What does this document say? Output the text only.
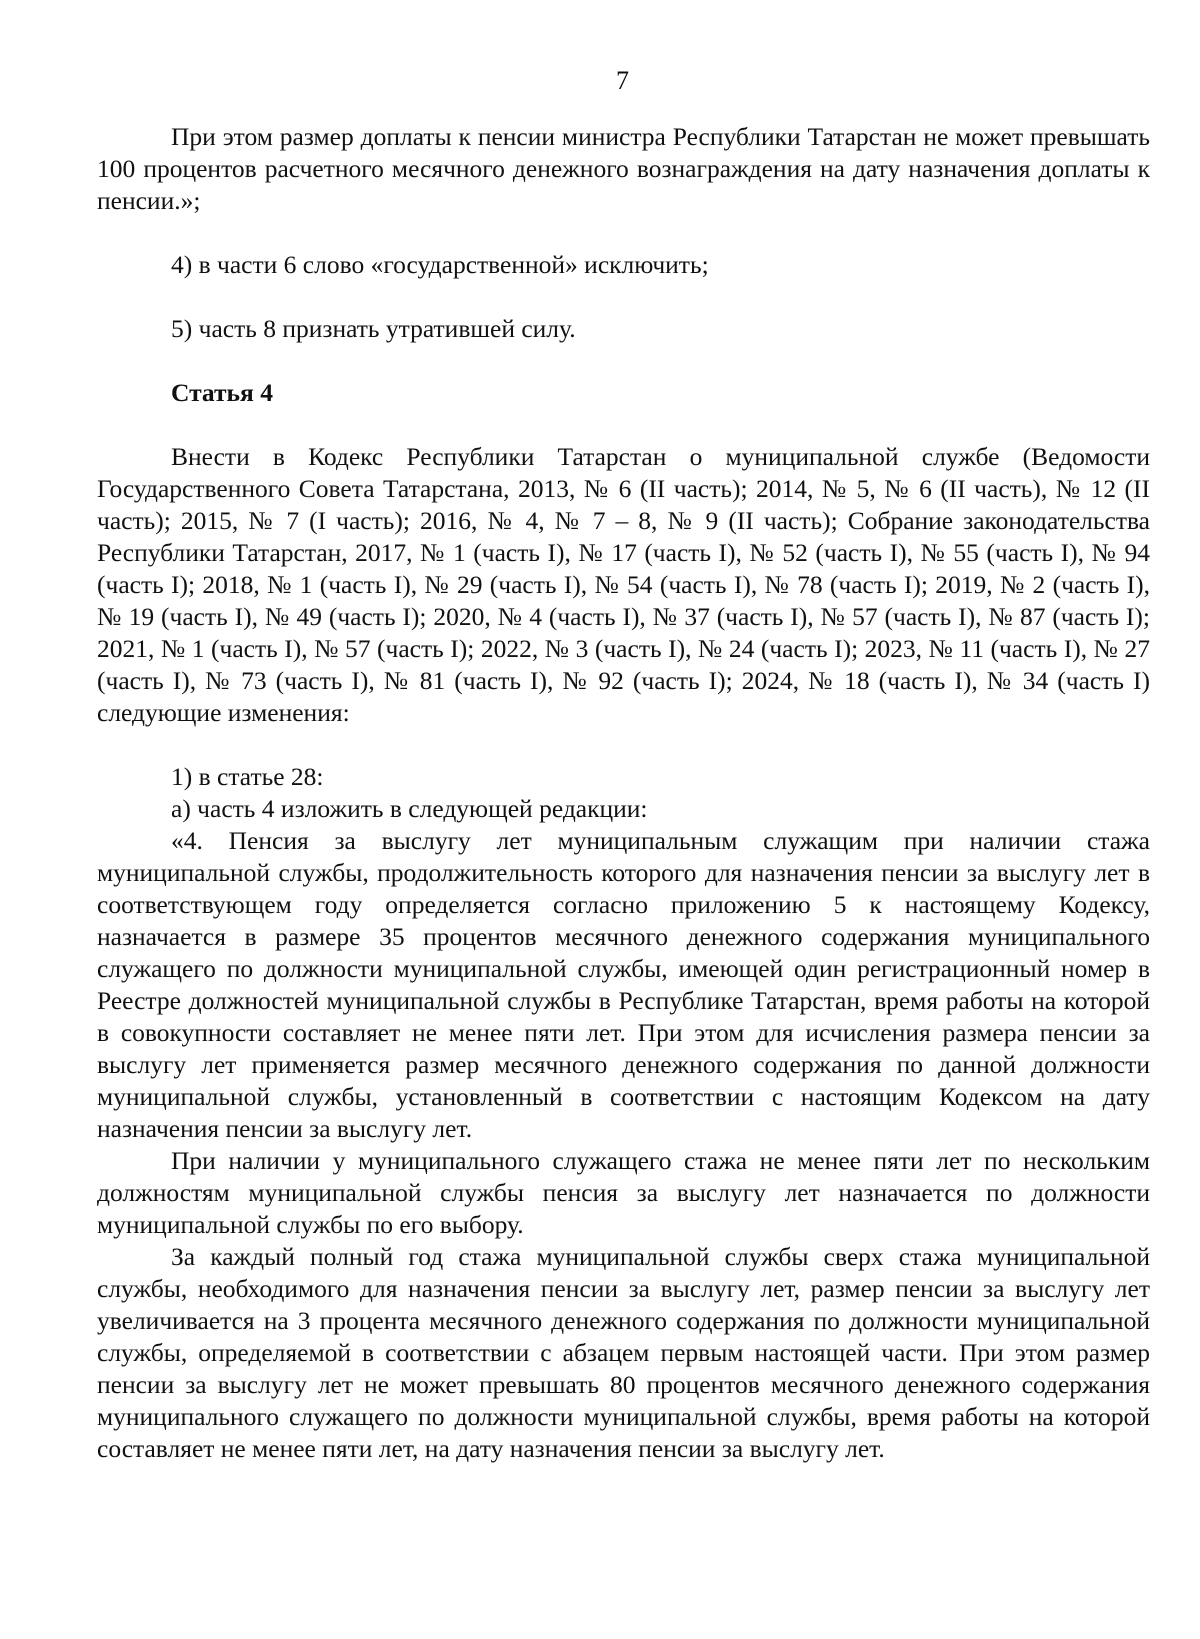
7

При этом размер доплаты к пенсии министра Республики Татарстан не может превышать 100 процентов расчетного месячного денежного вознаграждения на дату назначения доплаты к пенсии.»;

4) в части 6 слово «государственной» исключить;

5) часть 8 признать утратившей силу.

Статья 4

Внести в Кодекс Республики Татарстан о муниципальной службе (Ведомости Государственного Совета Татарстана, 2013, № 6 (II часть); 2014, № 5, № 6 (II часть), № 12 (II часть); 2015, № 7 (I часть); 2016, № 4, № 7 – 8, № 9 (II часть); Собрание законодательства Республики Татарстан, 2017, № 1 (часть I), № 17 (часть I), № 52 (часть I), № 55 (часть I), № 94 (часть I); 2018, № 1 (часть I), № 29 (часть I), № 54 (часть I), № 78 (часть I); 2019, № 2 (часть I), № 19 (часть I), № 49 (часть I); 2020, № 4 (часть I), № 37 (часть I), № 57 (часть I), № 87 (часть I); 2021, № 1 (часть I), № 57 (часть I); 2022, № 3 (часть I), № 24 (часть I); 2023, № 11 (часть I), № 27 (часть I), № 73 (часть I), № 81 (часть I), № 92 (часть I); 2024, № 18 (часть I), № 34 (часть I) следующие изменения:

1) в статье 28:

а) часть 4 изложить в следующей редакции:

«4. Пенсия за выслугу лет муниципальным служащим при наличии стажа муниципальной службы, продолжительность которого для назначения пенсии за выслугу лет в соответствующем году определяется согласно приложению 5 к настоящему Кодексу, назначается в размере 35 процентов месячного денежного содержания муниципального служащего по должности муниципальной службы, имеющей один регистрационный номер в Реестре должностей муниципальной службы в Республике Татарстан, время работы на которой в совокупности составляет не менее пяти лет. При этом для исчисления размера пенсии за выслугу лет применяется размер месячного денежного содержания по данной должности муниципальной службы, установленный в соответствии с настоящим Кодексом на дату назначения пенсии за выслугу лет.

При наличии у муниципального служащего стажа не менее пяти лет по нескольким должностям муниципальной службы пенсия за выслугу лет назначается по должности муниципальной службы по его выбору.

За каждый полный год стажа муниципальной службы сверх стажа муниципальной службы, необходимого для назначения пенсии за выслугу лет, размер пенсии за выслугу лет увеличивается на 3 процента месячного денежного содержания по должности муниципальной службы, определяемой в соответствии с абзацем первым настоящей части. При этом размер пенсии за выслугу лет не может превышать 80 процентов месячного денежного содержания муниципального служащего по должности муниципальной службы, время работы на которой составляет не менее пяти лет, на дату назначения пенсии за выслугу лет.
